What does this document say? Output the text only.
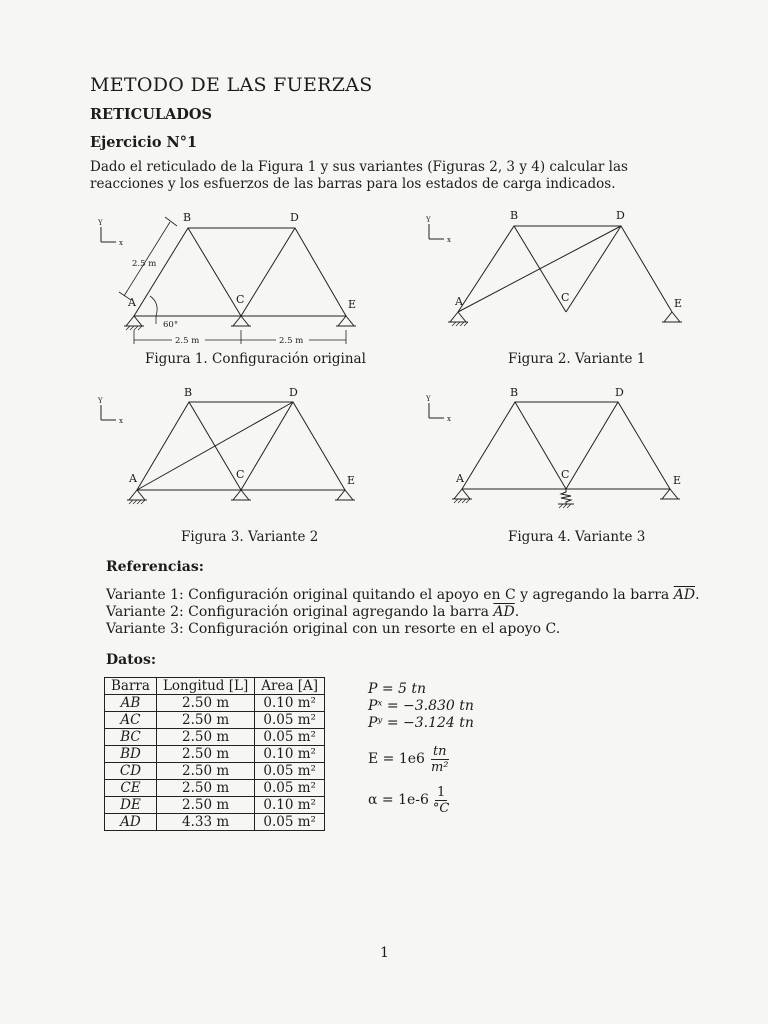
METODO DE LAS FUERZAS
RETICULADOS
Ejercicio N°1
Dado el reticulado de la Figura 1 y sus variantes (Figuras 2, 3 y 4) calcular las reacciones y los esfuerzos de las barras para los estados de carga indicados.
Y
x
B	D
A	C	E
2.5 m
60°
2.5 m	2.5 m
Y
x
B	D
A	C	E
Y
x
B	D
A	C	E
Y
x
B	D
A	C	E
Figura 1. Configuración original	Figura 2. Variante 1
Figura 3. Variante 2	Figura 4. Variante 3
Referencias:
Variante 1: Configuración original quitando el apoyo en C y agregando la barra $\overline{AD}$.
Variante 2: Configuración original agregando la barra $\overline{AD}$.
Variante 3: Configuración original con un resorte en el apoyo C.
Datos:
Barra	Longitud [L]	Area [A]
$\overline{AB}$	2.50 m	0.10 m²
$\overline{AC}$	2.50 m	0.05 m²
$\overline{BC}$	2.50 m	0.05 m²
$\overline{BD}$	2.50 m	0.10 m²
$\overline{CD}$	2.50 m	0.05 m²
$\overline{CE}$	2.50 m	0.05 m²
$\overline{DE}$	2.50 m	0.10 m²
$\overline{AD}$	4.33 m	0.05 m²
P = 5 tn
Pˣ = −3.830 tn
Pʸ = −3.124 tn
$E = 1e6 \frac{tn}{\text{m²}}$
$\alpha = 1e-6 \frac{1}{^\circ C}$
1
